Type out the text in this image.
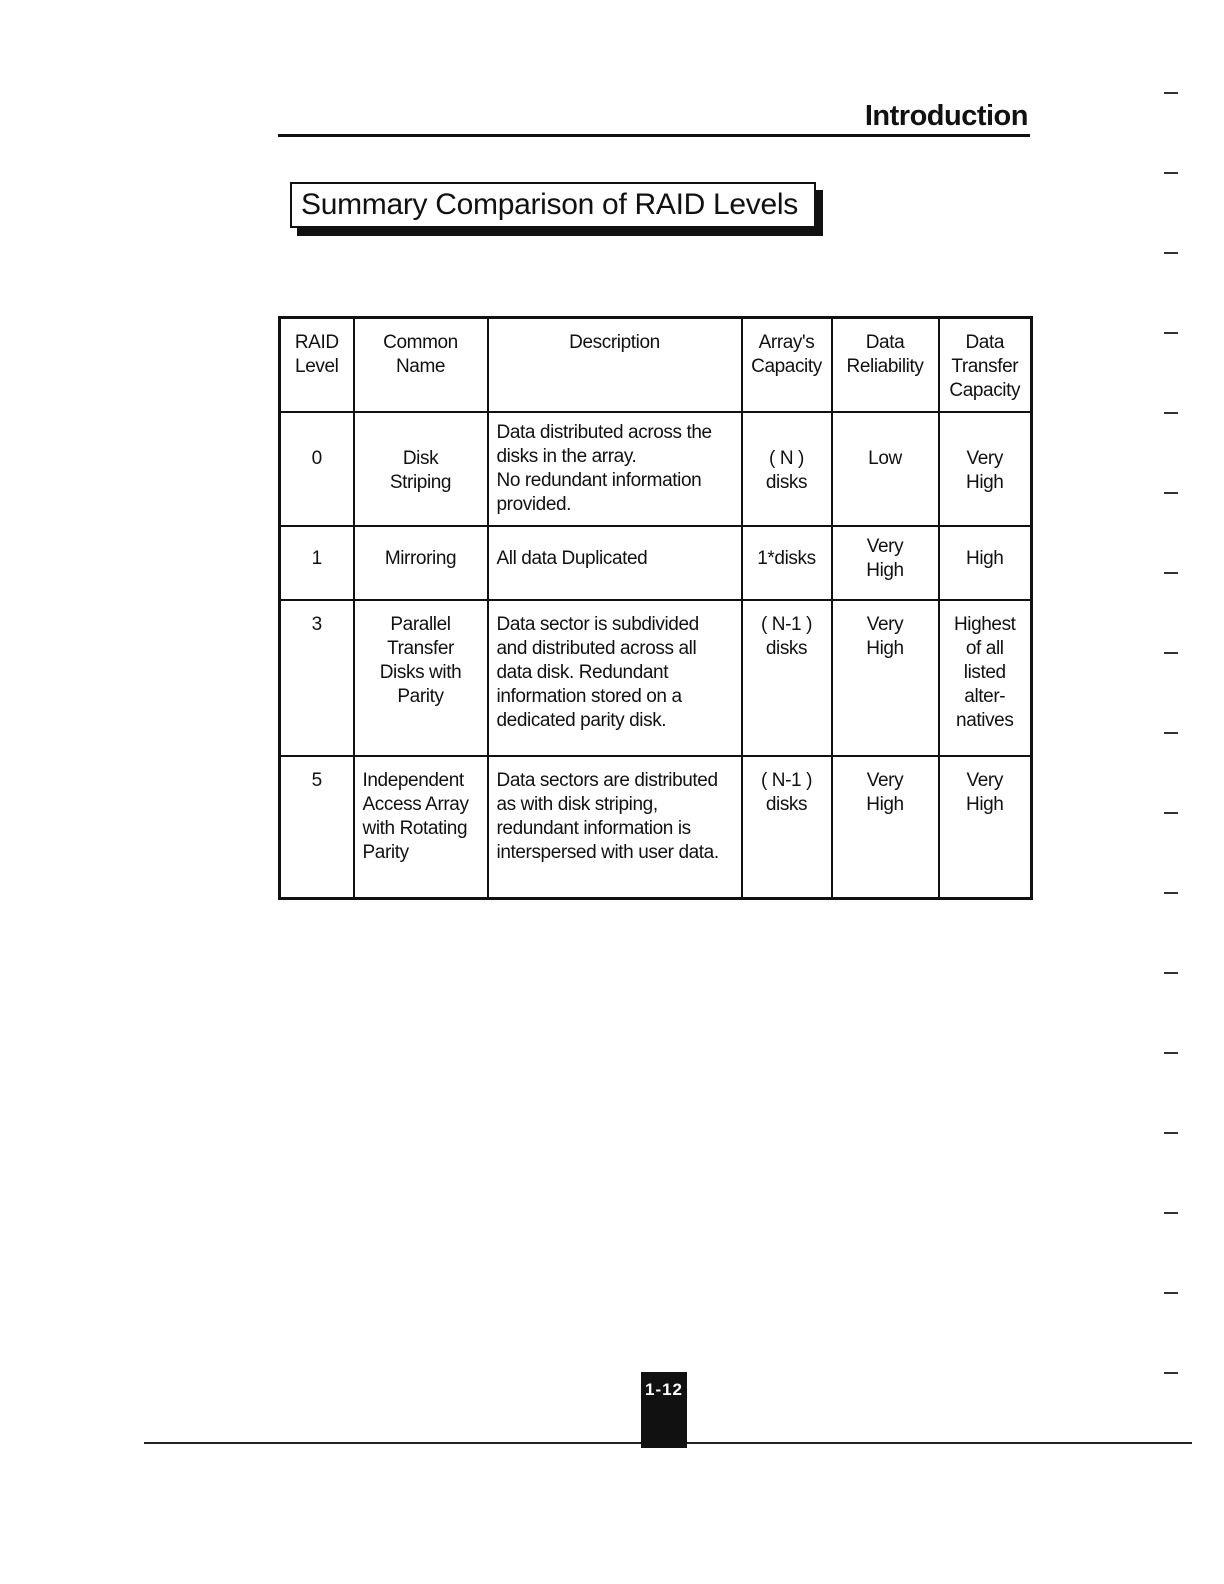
Introduction
Summary Comparison of RAID Levels
RAID
Level	Common
Name	Description	Array's
Capacity	Data
Reliability	Data
Transfer
Capacity
0	Disk
Striping	Data distributed across the
disks in the array.
No redundant information
provided.	( N )
disks	Low	Very
High
1	Mirroring	All data Duplicated	1*disks	Very
High	High
3	Parallel
Transfer
Disks with
Parity	Data sector is subdivided
and distributed across all
data disk. Redundant
information stored on a
dedicated parity disk.	( N-1 )
disks	Very
High	Highest
of all
listed
alter-
natives
5	Independent
Access Array
with Rotating
Parity	Data sectors are distributed
as with disk striping,
redundant information is
interspersed with user data.	( N-1 )
disks	Very
High	Very
High
1-12
